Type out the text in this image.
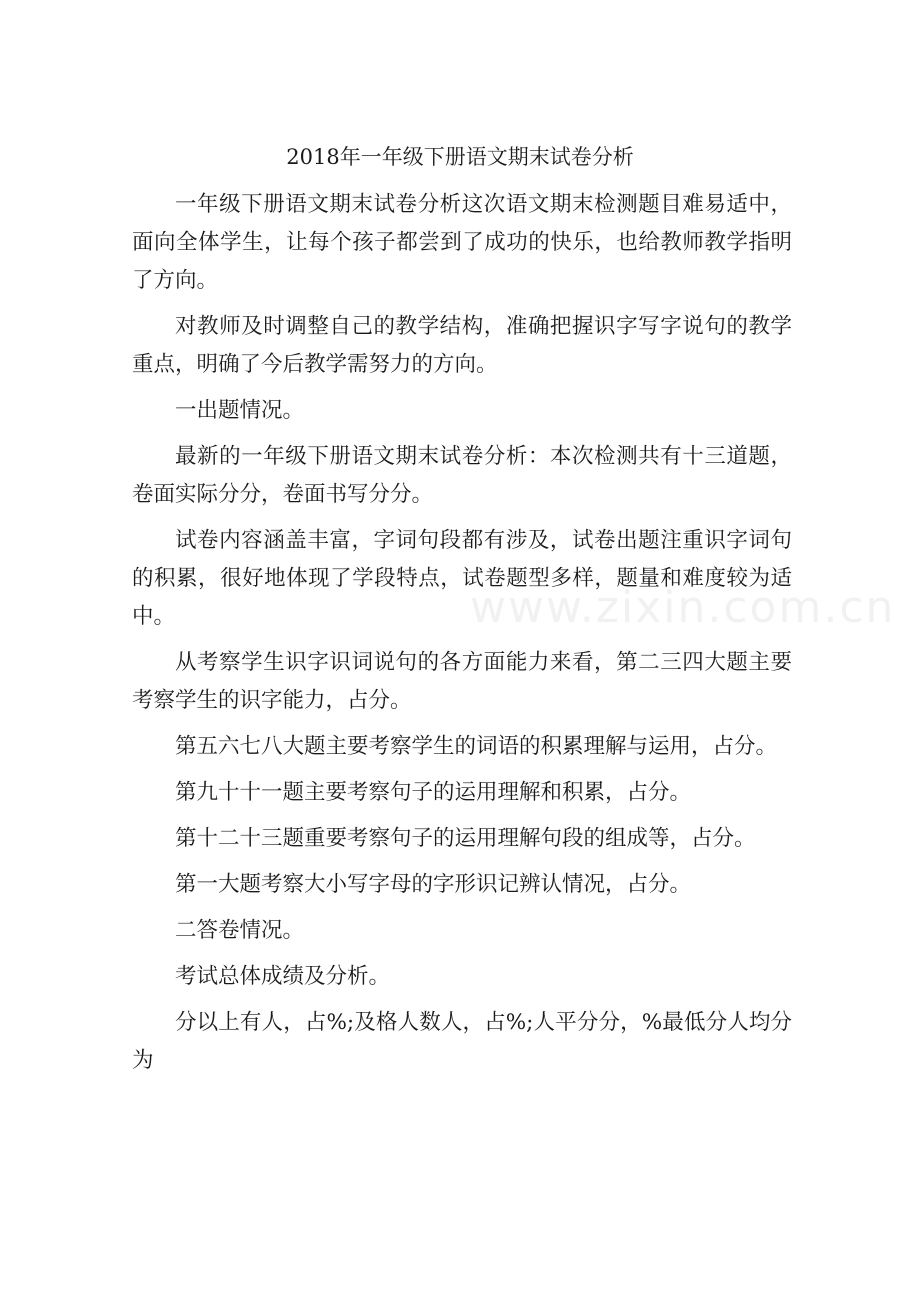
2018年一年级下册语文期末试卷分析

一年级下册语文期末试卷分析这次语文期末检测题目难易适中，面向全体学生，让每个孩子都尝到了成功的快乐，也给教师教学指明了方向。

对教师及时调整自己的教学结构，准确把握识字写字说句的教学重点，明确了今后教学需努力的方向。

一出题情况。

最新的一年级下册语文期末试卷分析：本次检测共有十三道题，卷面实际分分，卷面书写分分。

试卷内容涵盖丰富，字词句段都有涉及，试卷出题注重识字词句的积累，很好地体现了学段特点，试卷题型多样，题量和难度较为适中。

从考察学生识字识词说句的各方面能力来看，第二三四大题主要考察学生的识字能力，占分。

第五六七八大题主要考察学生的词语的积累理解与运用，占分。

第九十十一题主要考察句子的运用理解和积累，占分。

第十二十三题重要考察句子的运用理解句段的组成等，占分。

第一大题考察大小写字母的字形识记辨认情况，占分。

二答卷情况。

考试总体成绩及分析。

分以上有人，占%;及格人数人，占%;人平分分，%最低分人均分为

www.zixin.com.cn
